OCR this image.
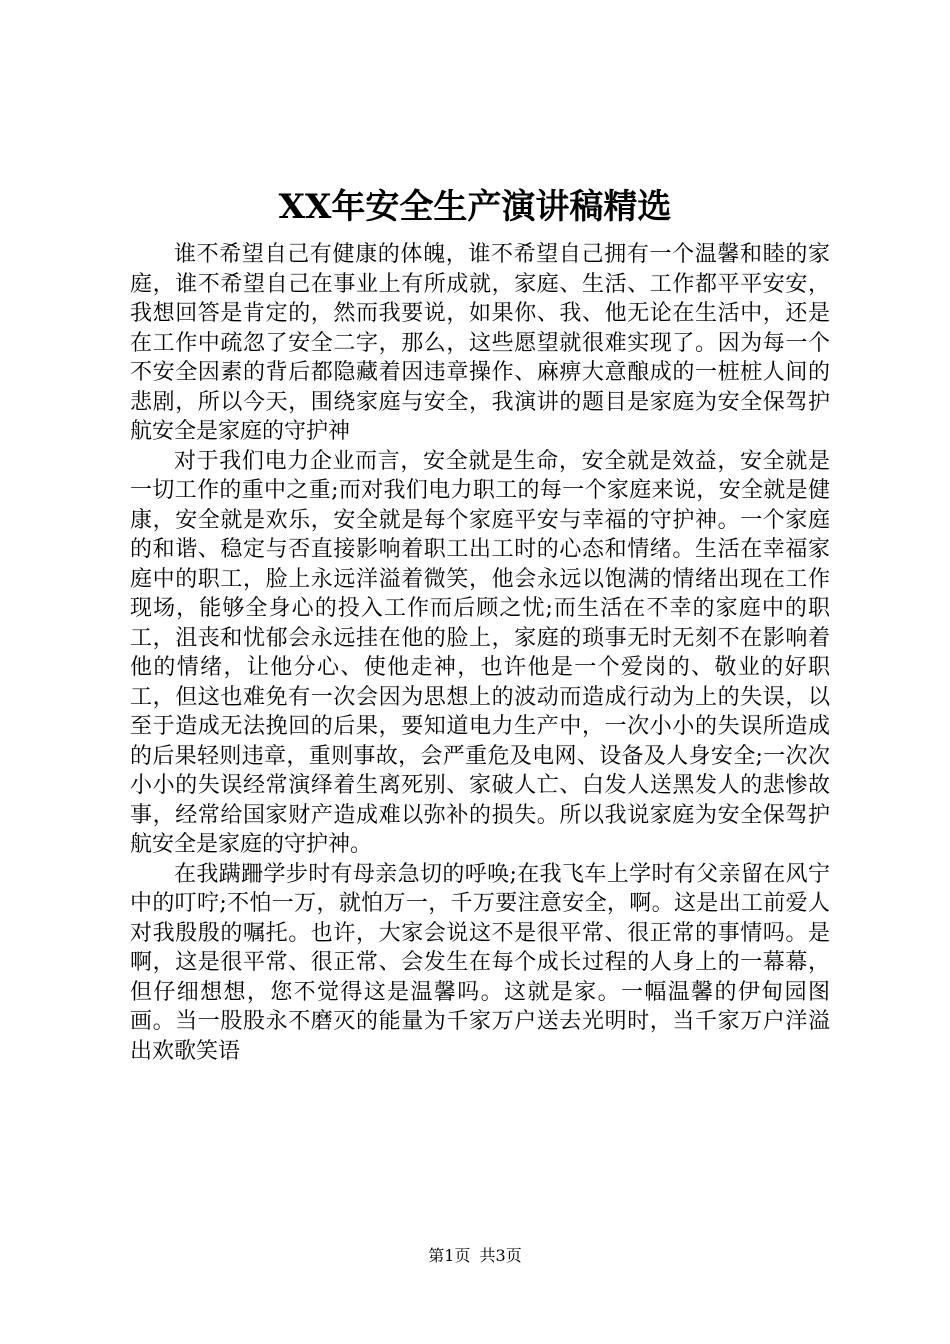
XX年安全生产演讲稿精选

谁不希望自己有健康的体魄，谁不希望自己拥有一个温馨和睦的家庭，谁不希望自己在事业上有所成就，家庭、生活、工作都平平安安，我想回答是肯定的，然而我要说，如果你、我、他无论在生活中，还是在工作中疏忽了安全二字，那么，这些愿望就很难实现了。因为每一个不安全因素的背后都隐藏着因违章操作、麻痹大意酿成的一桩桩人间的悲剧，所以今天，围绕家庭与安全，我演讲的题目是家庭为安全保驾护航安全是家庭的守护神

对于我们电力企业而言，安全就是生命，安全就是效益，安全就是一切工作的重中之重;而对我们电力职工的每一个家庭来说，安全就是健康，安全就是欢乐，安全就是每个家庭平安与幸福的守护神。一个家庭的和谐、稳定与否直接影响着职工出工时的心态和情绪。生活在幸福家庭中的职工，脸上永远洋溢着微笑，他会永远以饱满的情绪出现在工作现场，能够全身心的投入工作而后顾之忧;而生活在不幸的家庭中的职工，沮丧和忧郁会永远挂在他的脸上，家庭的琐事无时无刻不在影响着他的情绪，让他分心、使他走神，也许他是一个爱岗的、敬业的好职工，但这也难免有一次会因为思想上的波动而造成行动为上的失误，以至于造成无法挽回的后果，要知道电力生产中，一次小小的失误所造成的后果轻则违章，重则事故，会严重危及电网、设备及人身安全;一次次小小的失误经常演绎着生离死别、家破人亡、白发人送黑发人的悲惨故事，经常给国家财产造成难以弥补的损失。所以我说家庭为安全保驾护航安全是家庭的守护神。

在我蹒跚学步时有母亲急切的呼唤;在我飞车上学时有父亲留在风宁中的叮咛;不怕一万，就怕万一，千万要注意安全，啊。这是出工前爱人对我殷殷的嘱托。也许，大家会说这不是很平常、很正常的事情吗。是啊，这是很平常、很正常、会发生在每个成长过程的人身上的一幕幕，但仔细想想，您不觉得这是温馨吗。这就是家。一幅温馨的伊甸园图画。当一股股永不磨灭的能量为千家万户送去光明时，当千家万户洋溢出欢歌笑语

第1页 共3页
